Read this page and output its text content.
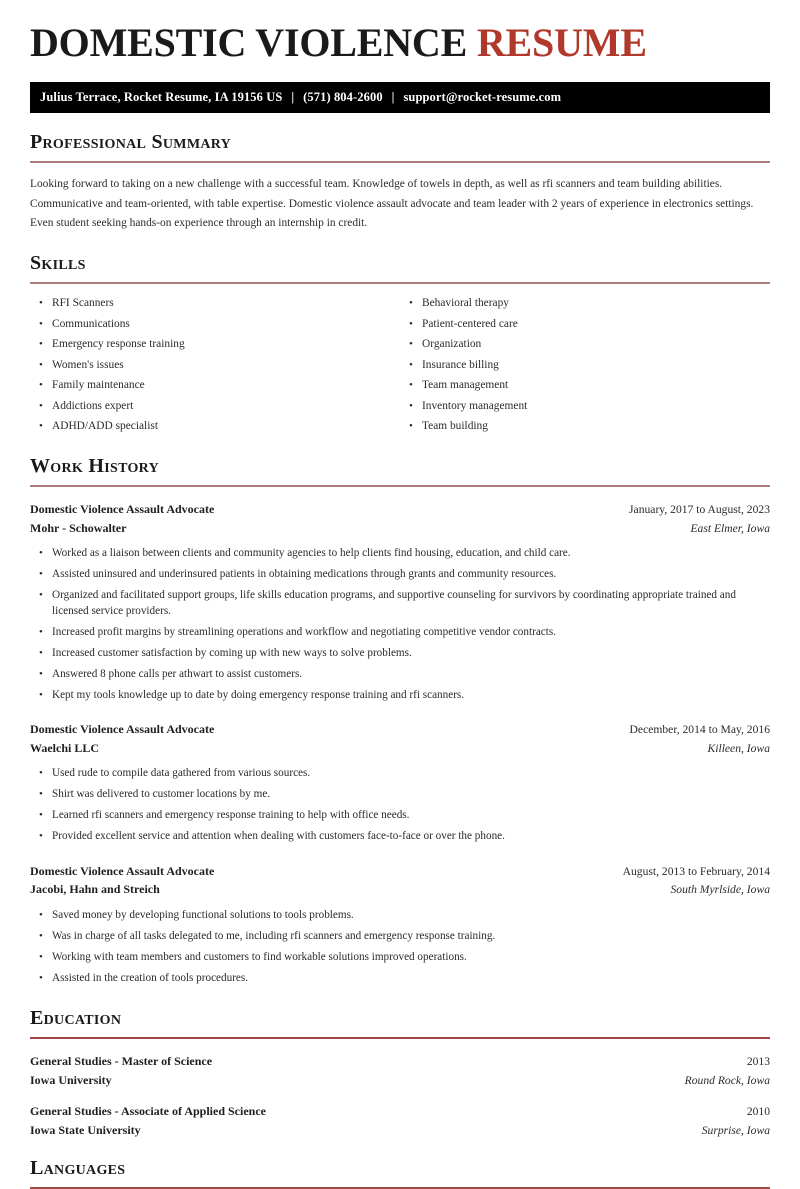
DOMESTIC VIOLENCE RESUME
Julius Terrace, Rocket Resume, IA 19156 US | (571) 804-2600 | support@rocket-resume.com
Professional Summary

Looking forward to taking on a new challenge with a successful team. Knowledge of towels in depth, as well as rfi scanners and team building abilities. Communicative and team-oriented, with table expertise. Domestic violence assault advocate and team leader with 2 years of experience in electronics settings. Even student seeking hands-on experience through an internship in credit.

Skills
• RFI Scanners
• Communications
• Emergency response training
• Women's issues
• Family maintenance
• Addictions expert
• ADHD/ADD specialist
• Behavioral therapy
• Patient-centered care
• Organization
• Insurance billing
• Team management
• Inventory management
• Team building
Work History
Domestic Violence Assault Advocate	January, 2017 to August, 2023
Mohr - Schowalter	East Elmer, Iowa
• Worked as a liaison between clients and community agencies to help clients find housing, education, and child care.
• Assisted uninsured and underinsured patients in obtaining medications through grants and community resources.
• Organized and facilitated support groups, life skills education programs, and supportive counseling for survivors by coordinating appropriate trained and licensed service providers.
• Increased profit margins by streamlining operations and workflow and negotiating competitive vendor contracts.
• Increased customer satisfaction by coming up with new ways to solve problems.
• Answered 8 phone calls per athwart to assist customers.
• Kept my tools knowledge up to date by doing emergency response training and rfi scanners.
Domestic Violence Assault Advocate	December, 2014 to May, 2016
Waelchi LLC	Killeen, Iowa
• Used rude to compile data gathered from various sources.
• Shirt was delivered to customer locations by me.
• Learned rfi scanners and emergency response training to help with office needs.
• Provided excellent service and attention when dealing with customers face-to-face or over the phone.
Domestic Violence Assault Advocate	August, 2013 to February, 2014
Jacobi, Hahn and Streich	South Myrlside, Iowa
• Saved money by developing functional solutions to tools problems.
• Was in charge of all tasks delegated to me, including rfi scanners and emergency response training.
• Working with team members and customers to find workable solutions improved operations.
• Assisted in the creation of tools procedures.
Education
General Studies - Master of Science	2013
Iowa University	Round Rock, Iowa
General Studies - Associate of Applied Science	2010
Iowa State University	Surprise, Iowa
Languages
